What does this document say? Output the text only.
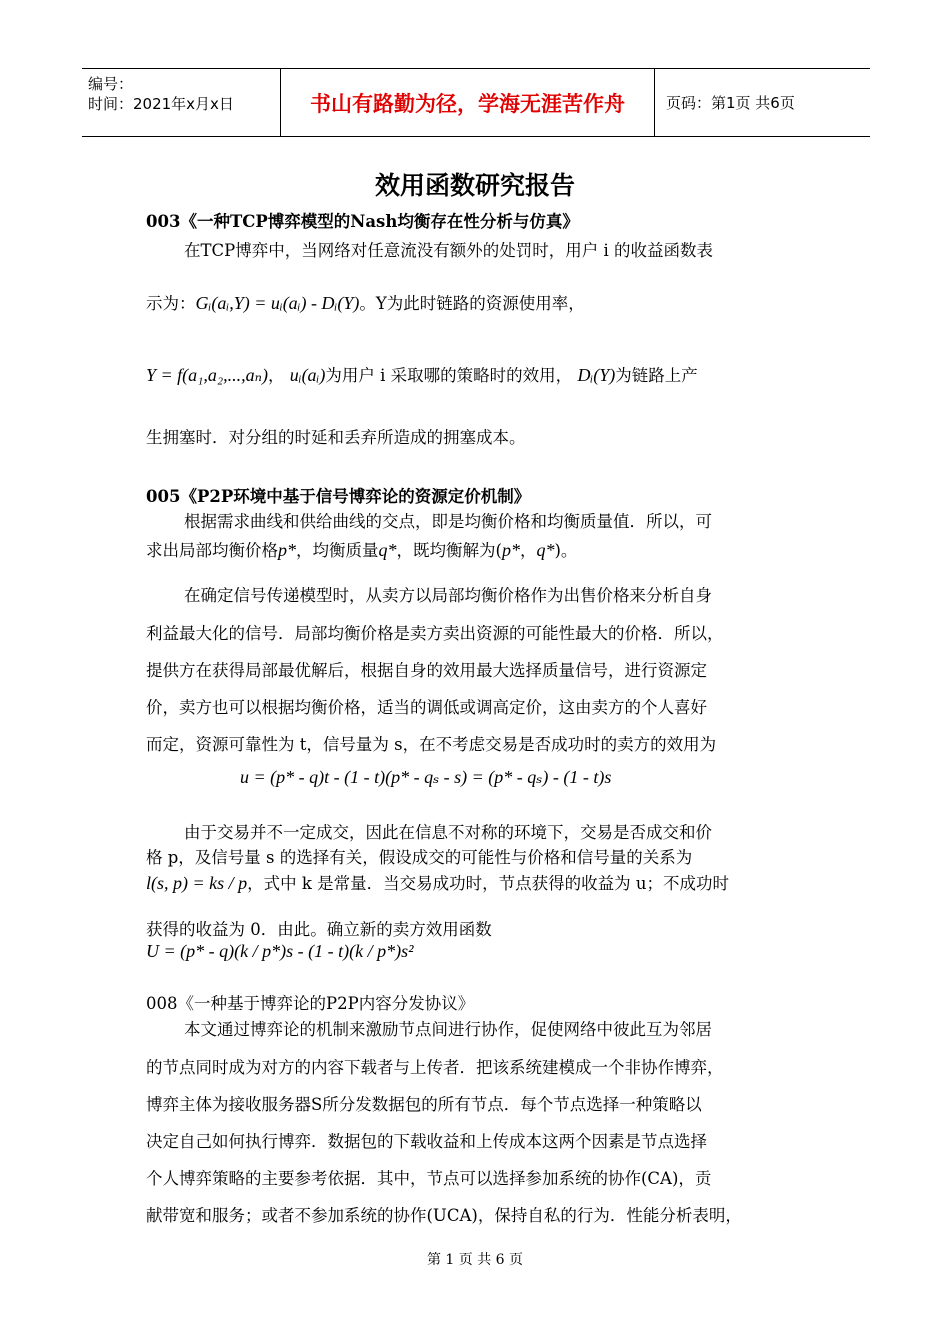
编号：
时间：2021年x月x日	书山有路勤为径，学海无涯苦作舟	页码：第1页 共6页
效用函数研究报告
003《一种TCP博弈模型的Nash均衡存在性分析与仿真》
在TCP博弈中，当网络对任意流没有额外的处罚时，用户 i 的收益函数表
示为：Gᵢ(aᵢ,Y) = uᵢ(aᵢ) - Dᵢ(Y)。Y为此时链路的资源使用率，
Y = f(a₁,a₂,...,aₙ)， uᵢ(aᵢ)为用户 i 采取哪的策略时的效用， Dᵢ(Y)为链路上产
生拥塞时．对分组的时延和丢弃所造成的拥塞成本。
005《P2P环境中基于信号博弈论的资源定价机制》
根据需求曲线和供给曲线的交点，即是均衡价格和均衡质量值．所以，可
求出局部均衡价格p*，均衡质量q*，既均衡解为(p*，q*)。
在确定信号传递模型时，从卖方以局部均衡价格作为出售价格来分析自身
利益最大化的信号．局部均衡价格是卖方卖出资源的可能性最大的价格．所以，
提供方在获得局部最优解后，根据自身的效用最大选择质量信号，进行资源定
价，卖方也可以根据均衡价格，适当的调低或调高定价，这由卖方的个人喜好
而定，资源可靠性为 t，信号量为 s，在不考虑交易是否成功时的卖方的效用为
u = (p* - q)t - (1 - t)(p* - qₛ - s) = (p* - qₛ) - (1 - t)s
由于交易并不一定成交，因此在信息不对称的环境下，交易是否成交和价
格 p，及信号量 s 的选择有关，假设成交的可能性与价格和信号量的关系为
l(s, p) = ks / p，式中 k 是常量．当交易成功时，节点获得的收益为 u；不成功时
获得的收益为 0．由此。确立新的卖方效用函数
U = (p* - q)(k / p*)s - (1 - t)(k / p*)s²
008《一种基于博弈论的P2P内容分发协议》
本文通过博弈论的机制来激励节点间进行协作，促使网络中彼此互为邻居
的节点同时成为对方的内容下载者与上传者．把该系统建模成一个非协作博弈，
博弈主体为接收服务器S所分发数据包的所有节点．每个节点选择一种策略以
决定自己如何执行博弈．数据包的下载收益和上传成本这两个因素是节点选择
个人博弈策略的主要参考依据．其中，节点可以选择参加系统的协作(CA)，贡
献带宽和服务；或者不参加系统的协作(UCA)，保持自私的行为．性能分析表明，
第 1 页 共 6 页
